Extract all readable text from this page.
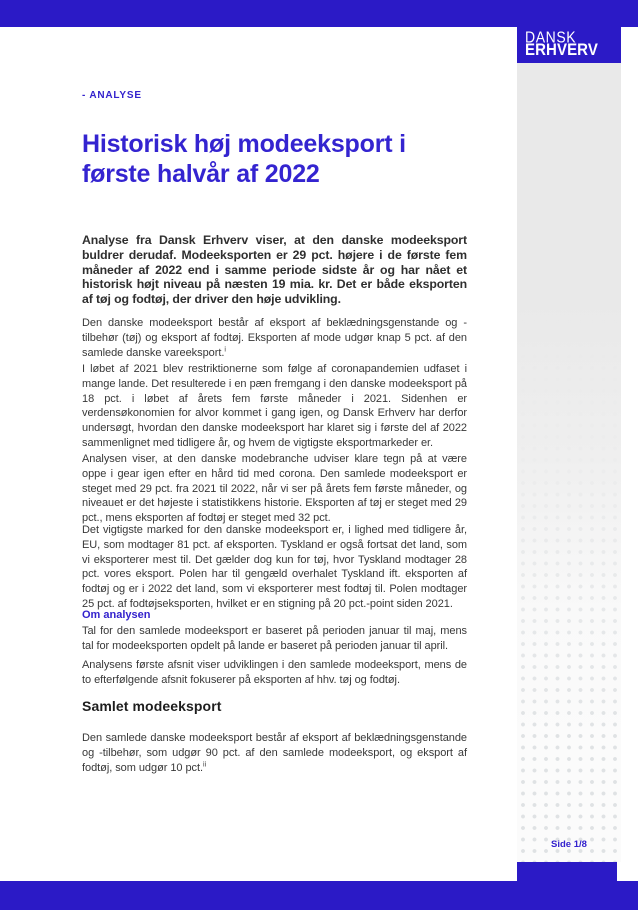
DANSK
ERHVERV
Side 1/8
- ANALYSE
Historisk høj modeeksport i første halvår af 2022

Analyse fra Dansk Erhverv viser, at den danske modeeksport buldrer derudaf. Modeeksporten er 29 pct. højere i de første fem måneder af 2022 end i samme periode sidste år og har nået et historisk højt niveau på næsten 19 mia. kr. Det er både eksporten af tøj og fodtøj, der driver den høje udvikling.

Den danske modeeksport består af eksport af beklædningsgenstande og -tilbehør (tøj) og eksport af fodtøj. Eksporten af mode udgør knap 5 pct. af den samlede danske vareeksport.$^i$

I løbet af 2021 blev restriktionerne som følge af coronapandemien udfaset i mange lande. Det resulterede i en pæn fremgang i den danske modeeksport på 18 pct. i løbet af årets fem første måneder i 2021. Sidenhen er verdensøkonomien for alvor kommet i gang igen, og Dansk Erhverv har derfor undersøgt, hvordan den danske modeeksport har klaret sig i første del af 2022 sammenlignet med tidligere år, og hvem de vigtigste eksportmarkeder er.

Analysen viser, at den danske modebranche udviser klare tegn på at være oppe i gear igen efter en hård tid med corona. Den samlede modeeksport er steget med 29 pct. fra 2021 til 2022, når vi ser på årets fem første måneder, og niveauet er det højeste i statistikkens historie. Eksporten af tøj er steget med 29 pct., mens eksporten af fodtøj er steget med 32 pct.

Det vigtigste marked for den danske modeeksport er, i lighed med tidligere år, EU, som modtager 81 pct. af eksporten. Tyskland er også fortsat det land, som vi eksporterer mest til. Det gælder dog kun for tøj, hvor Tyskland modtager 28 pct. vores eksport. Polen har til gengæld overhalet Tyskland ift. eksporten af fodtøj og er i 2022 det land, som vi eksporterer mest fodtøj til. Polen modtager 25 pct. af fodtøjseksporten, hvilket er en stigning på 20 pct.-point siden 2021.

Om analysen

Tal for den samlede modeeksport er baseret på perioden januar til maj, mens tal for modeeksporten opdelt på lande er baseret på perioden januar til april.

Analysens første afsnit viser udviklingen i den samlede modeeksport, mens de to efterfølgende afsnit fokuserer på eksporten af hhv. tøj og fodtøj.

Samlet modeeksport

Den samlede danske modeeksport består af eksport af beklædningsgenstande og -tilbehør, som udgør 90 pct. af den samlede modeeksport, og eksport af fodtøj, som udgør 10 pct.$^{ii}$
